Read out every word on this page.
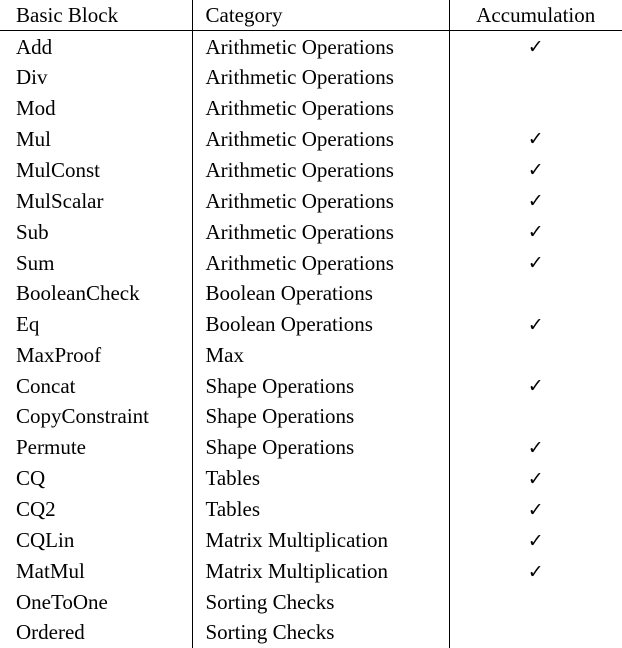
Basic Block	Category	Accumulation
Add	Arithmetic Operations	✓
Div	Arithmetic Operations	
Mod	Arithmetic Operations	
Mul	Arithmetic Operations	✓
MulConst	Arithmetic Operations	✓
MulScalar	Arithmetic Operations	✓
Sub	Arithmetic Operations	✓
Sum	Arithmetic Operations	✓
BooleanCheck	Boolean Operations	
Eq	Boolean Operations	✓
MaxProof	Max	
Concat	Shape Operations	✓
CopyConstraint	Shape Operations	
Permute	Shape Operations	✓
CQ	Tables	✓
CQ2	Tables	✓
CQLin	Matrix Multiplication	✓
MatMul	Matrix Multiplication	✓
OneToOne	Sorting Checks	
Ordered	Sorting Checks	
